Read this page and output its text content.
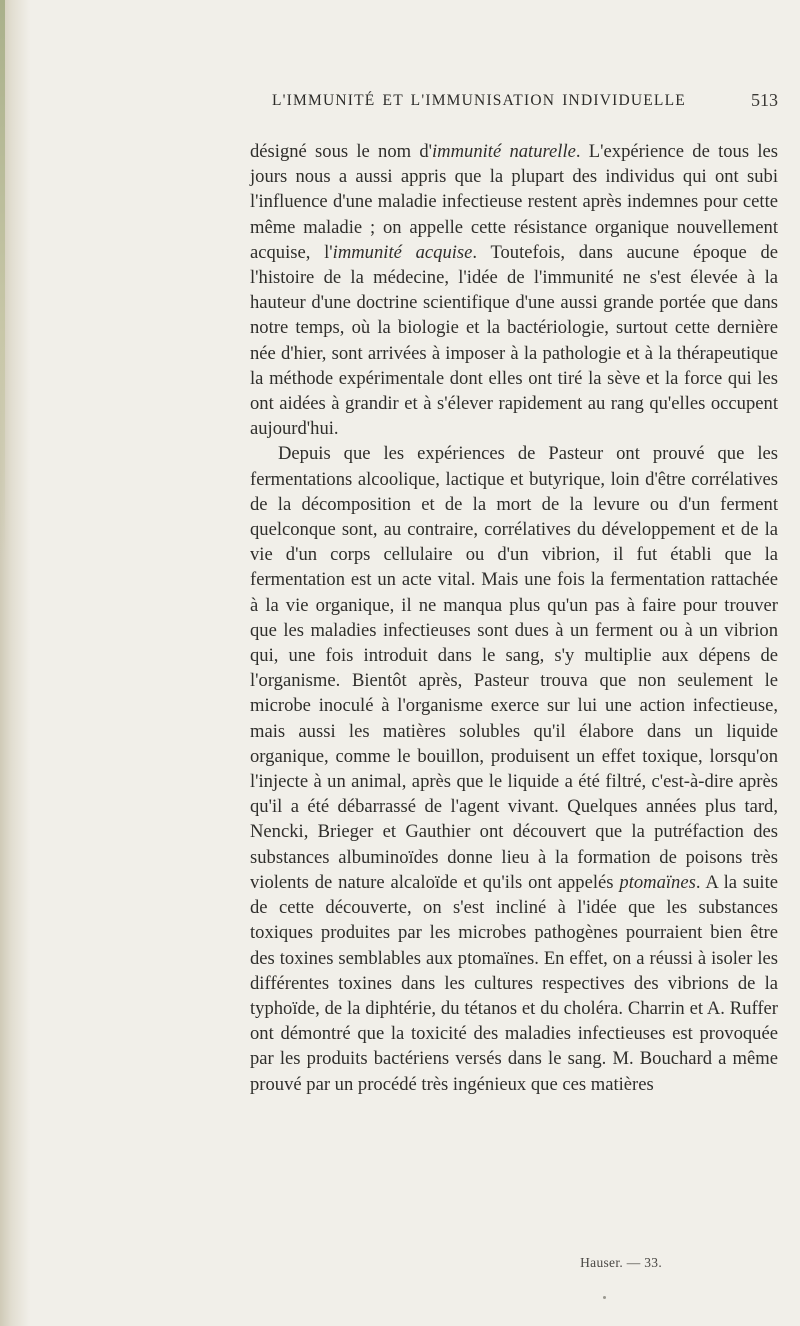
L'IMMUNITÉ ET L'IMMUNISATION INDIVIDUELLE	513

désigné sous le nom d'immunité naturelle. L'expérience de tous les jours nous a aussi appris que la plupart des individus qui ont subi l'influence d'une maladie infectieuse restent après indemnes pour cette même maladie ; on appelle cette résistance organique nouvellement acquise, l'immunité acquise. Toutefois, dans aucune époque de l'histoire de la médecine, l'idée de l'immunité ne s'est élevée à la hauteur d'une doctrine scientifique d'une aussi grande portée que dans notre temps, où la biologie et la bactériologie, surtout cette dernière née d'hier, sont arrivées à imposer à la pathologie et à la thérapeutique la méthode expérimentale dont elles ont tiré la sève et la force qui les ont aidées à grandir et à s'élever rapidement au rang qu'elles occupent aujourd'hui.

Depuis que les expériences de Pasteur ont prouvé que les fermentations alcoolique, lactique et butyrique, loin d'être corrélatives de la décomposition et de la mort de la levure ou d'un ferment quelconque sont, au contraire, corrélatives du développement et de la vie d'un corps cellulaire ou d'un vibrion, il fut établi que la fermentation est un acte vital. Mais une fois la fermentation rattachée à la vie organique, il ne manqua plus qu'un pas à faire pour trouver que les maladies infectieuses sont dues à un ferment ou à un vibrion qui, une fois introduit dans le sang, s'y multiplie aux dépens de l'organisme. Bientôt après, Pasteur trouva que non seulement le microbe inoculé à l'organisme exerce sur lui une action infectieuse, mais aussi les matières solubles qu'il élabore dans un liquide organique, comme le bouillon, produisent un effet toxique, lorsqu'on l'injecte à un animal, après que le liquide a été filtré, c'est-à-dire après qu'il a été débarrassé de l'agent vivant. Quelques années plus tard, Nencki, Brieger et Gauthier ont découvert que la putréfaction des substances albuminoïdes donne lieu à la formation de poisons très violents de nature alcaloïde et qu'ils ont appelés ptomaïnes. A la suite de cette découverte, on s'est incliné à l'idée que les substances toxiques produites par les microbes pathogènes pourraient bien être des toxines semblables aux ptomaïnes. En effet, on a réussi à isoler les différentes toxines dans les cultures respectives des vibrions de la typhoïde, de la diphtérie, du tétanos et du choléra. Charrin et A. Ruffer ont démontré que la toxicité des maladies infectieuses est provoquée par les produits bactériens versés dans le sang. M. Bouchard a même prouvé par un procédé très ingénieux que ces matières

Hauser. — 33.
